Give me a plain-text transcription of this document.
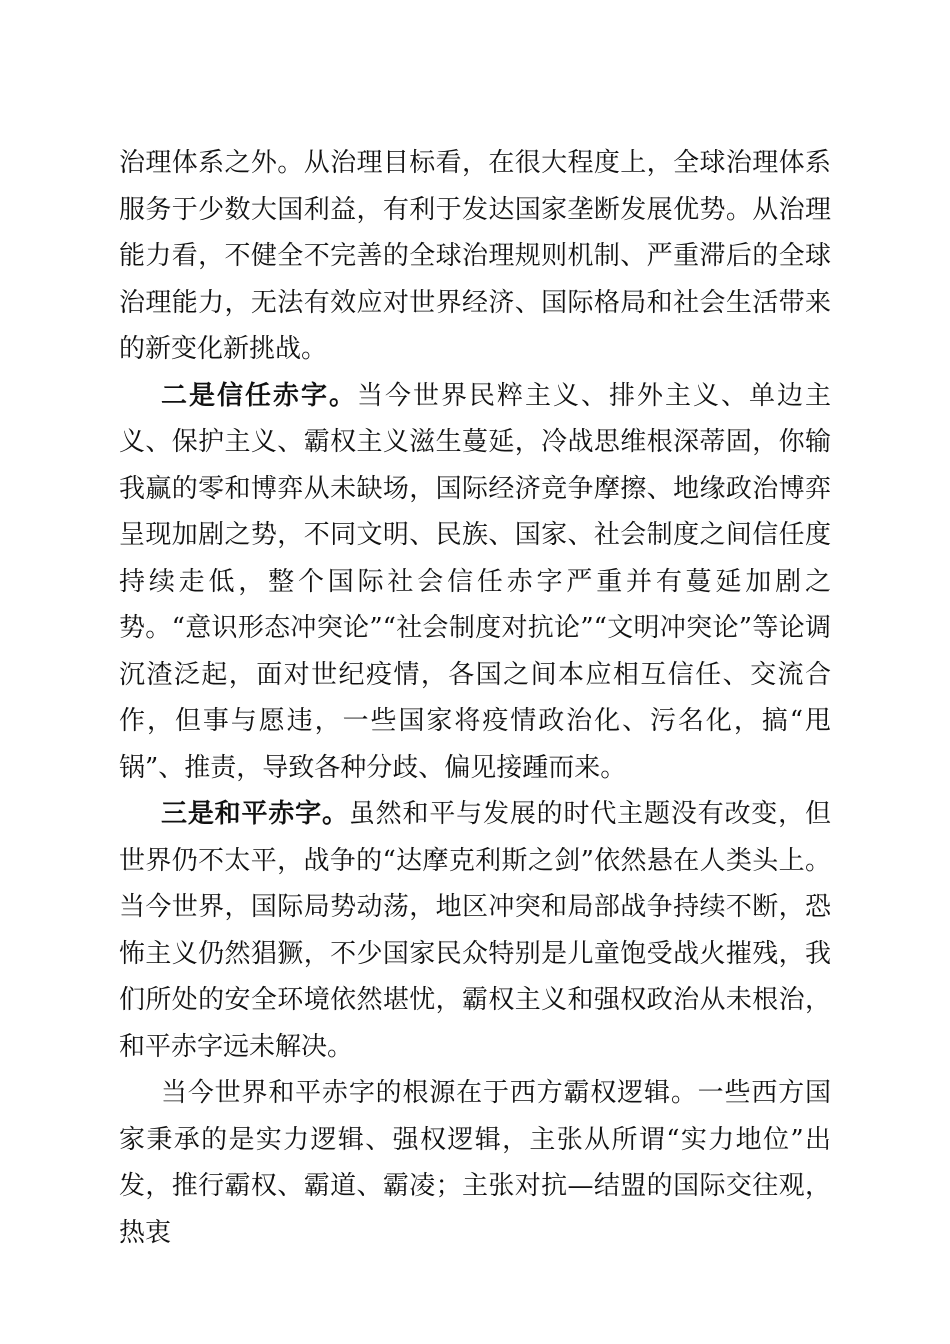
治理体系之外。从治理目标看，在很大程度上，全球治理体系服务于少数大国利益，有利于发达国家垄断发展优势。从治理能力看，不健全不完善的全球治理规则机制、严重滞后的全球治理能力，无法有效应对世界经济、国际格局和社会生活带来的新变化新挑战。

二是信任赤字。当今世界民粹主义、排外主义、单边主义、保护主义、霸权主义滋生蔓延，冷战思维根深蒂固，你输我赢的零和博弈从未缺场，国际经济竞争摩擦、地缘政治博弈呈现加剧之势，不同文明、民族、国家、社会制度之间信任度持续走低，整个国际社会信任赤字严重并有蔓延加剧之势。“意识形态冲突论”“社会制度对抗论”“文明冲突论”等论调沉渣泛起，面对世纪疫情，各国之间本应相互信任、交流合作，但事与愿违，一些国家将疫情政治化、污名化，搞“甩锅”、推责，导致各种分歧、偏见接踵而来。

三是和平赤字。虽然和平与发展的时代主题没有改变，但世界仍不太平，战争的“达摩克利斯之剑”依然悬在人类头上。当今世界，国际局势动荡，地区冲突和局部战争持续不断，恐怖主义仍然猖獗，不少国家民众特别是儿童饱受战火摧残，我们所处的安全环境依然堪忧，霸权主义和强权政治从未根治，和平赤字远未解决。

当今世界和平赤字的根源在于西方霸权逻辑。一些西方国家秉承的是实力逻辑、强权逻辑，主张从所谓“实力地位”出发，推行霸权、霸道、霸凌；主张对抗—结盟的国际交往观，热衷
